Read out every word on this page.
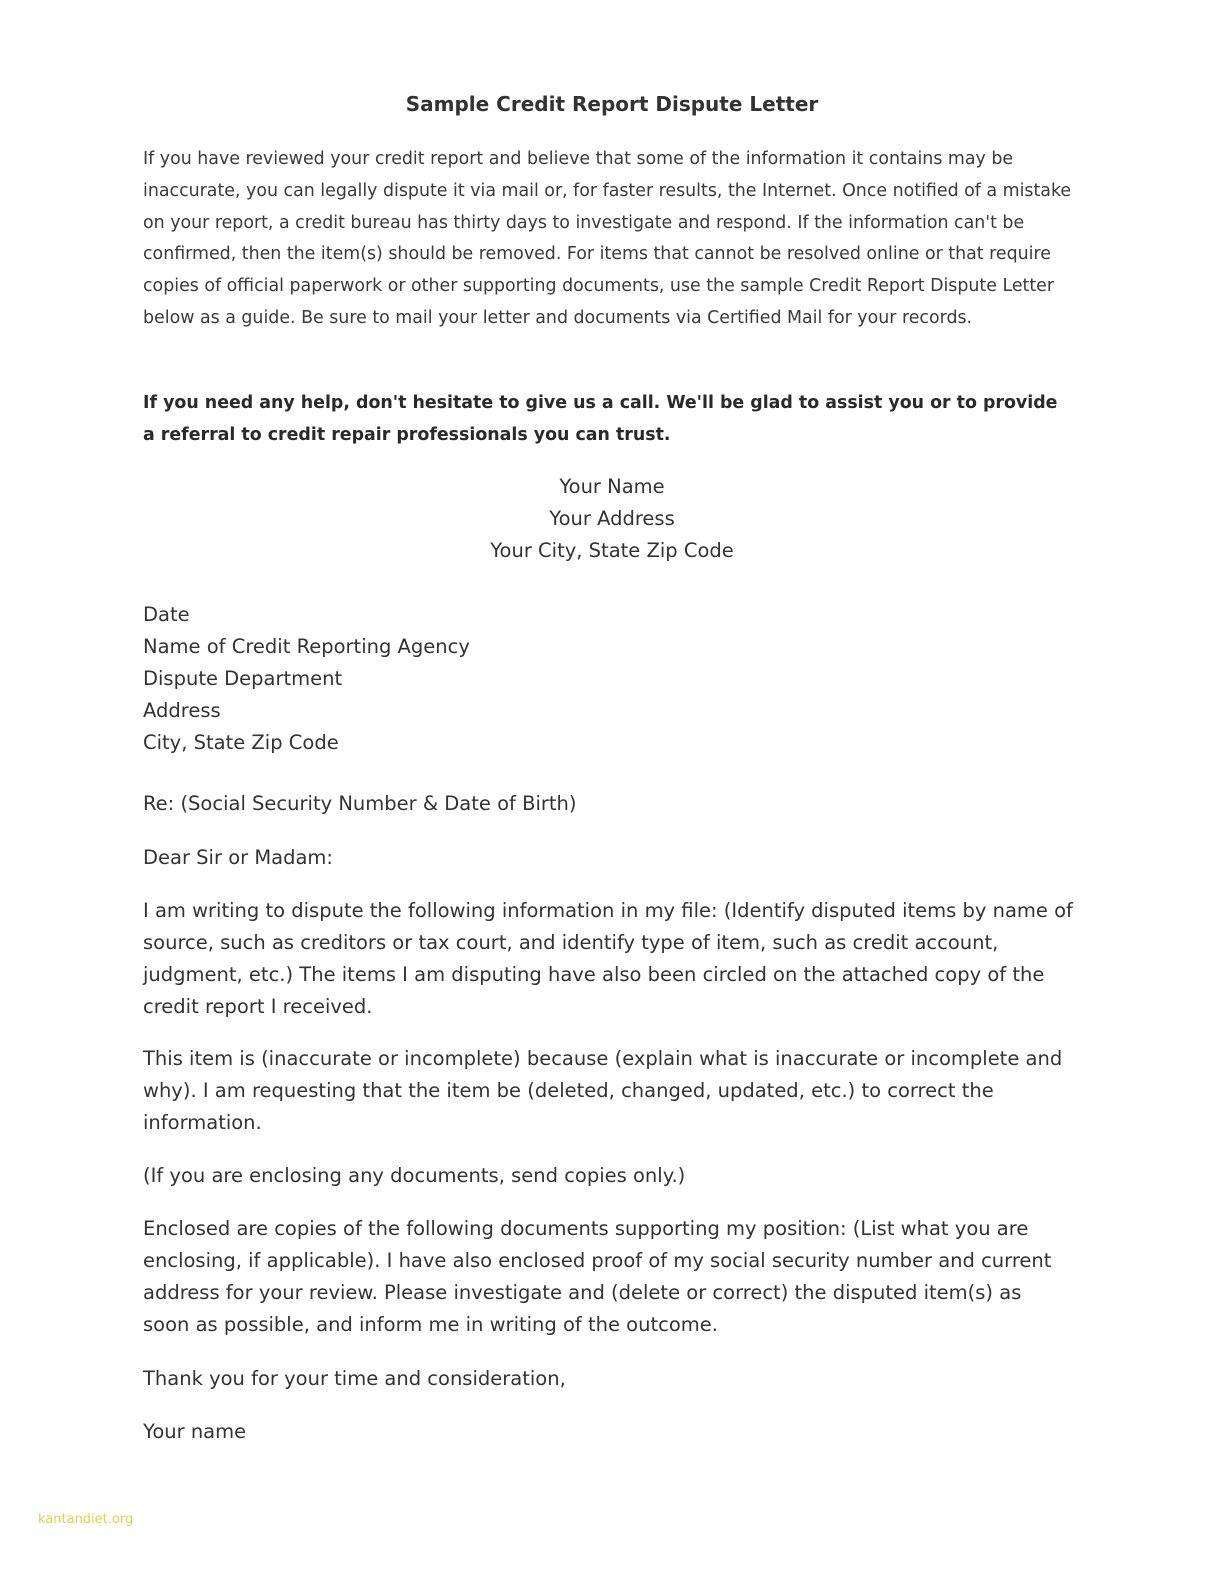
Sample Credit Report Dispute Letter

If you have reviewed your credit report and believe that some of the information it contains may be inaccurate, you can legally dispute it via mail or, for faster results, the Internet. Once notified of a mistake on your report, a credit bureau has thirty days to investigate and respond. If the information can't be confirmed, then the item(s) should be removed. For items that cannot be resolved online or that require copies of official paperwork or other supporting documents, use the sample Credit Report Dispute Letter below as a guide. Be sure to mail your letter and documents via Certified Mail for your records.

If you need any help, don't hesitate to give us a call. We'll be glad to assist you or to provide a referral to credit repair professionals you can trust.

Your Name
Your Address
Your City, State Zip Code
Date
Name of Credit Reporting Agency
Dispute Department
Address
City, State Zip Code

Re: (Social Security Number & Date of Birth)

Dear Sir or Madam:

I am writing to dispute the following information in my file: (Identify disputed items by name of source, such as creditors or tax court, and identify type of item, such as credit account, judgment, etc.) The items I am disputing have also been circled on the attached copy of the credit report I received.

This item is (inaccurate or incomplete) because (explain what is inaccurate or incomplete and why). I am requesting that the item be (deleted, changed, updated, etc.) to correct the information.

(If you are enclosing any documents, send copies only.)

Enclosed are copies of the following documents supporting my position: (List what you are enclosing, if applicable). I have also enclosed proof of my social security number and current address for your review. Please investigate and (delete or correct) the disputed item(s) as soon as possible, and inform me in writing of the outcome.

Thank you for your time and consideration,

Your name

kantandiet.org
